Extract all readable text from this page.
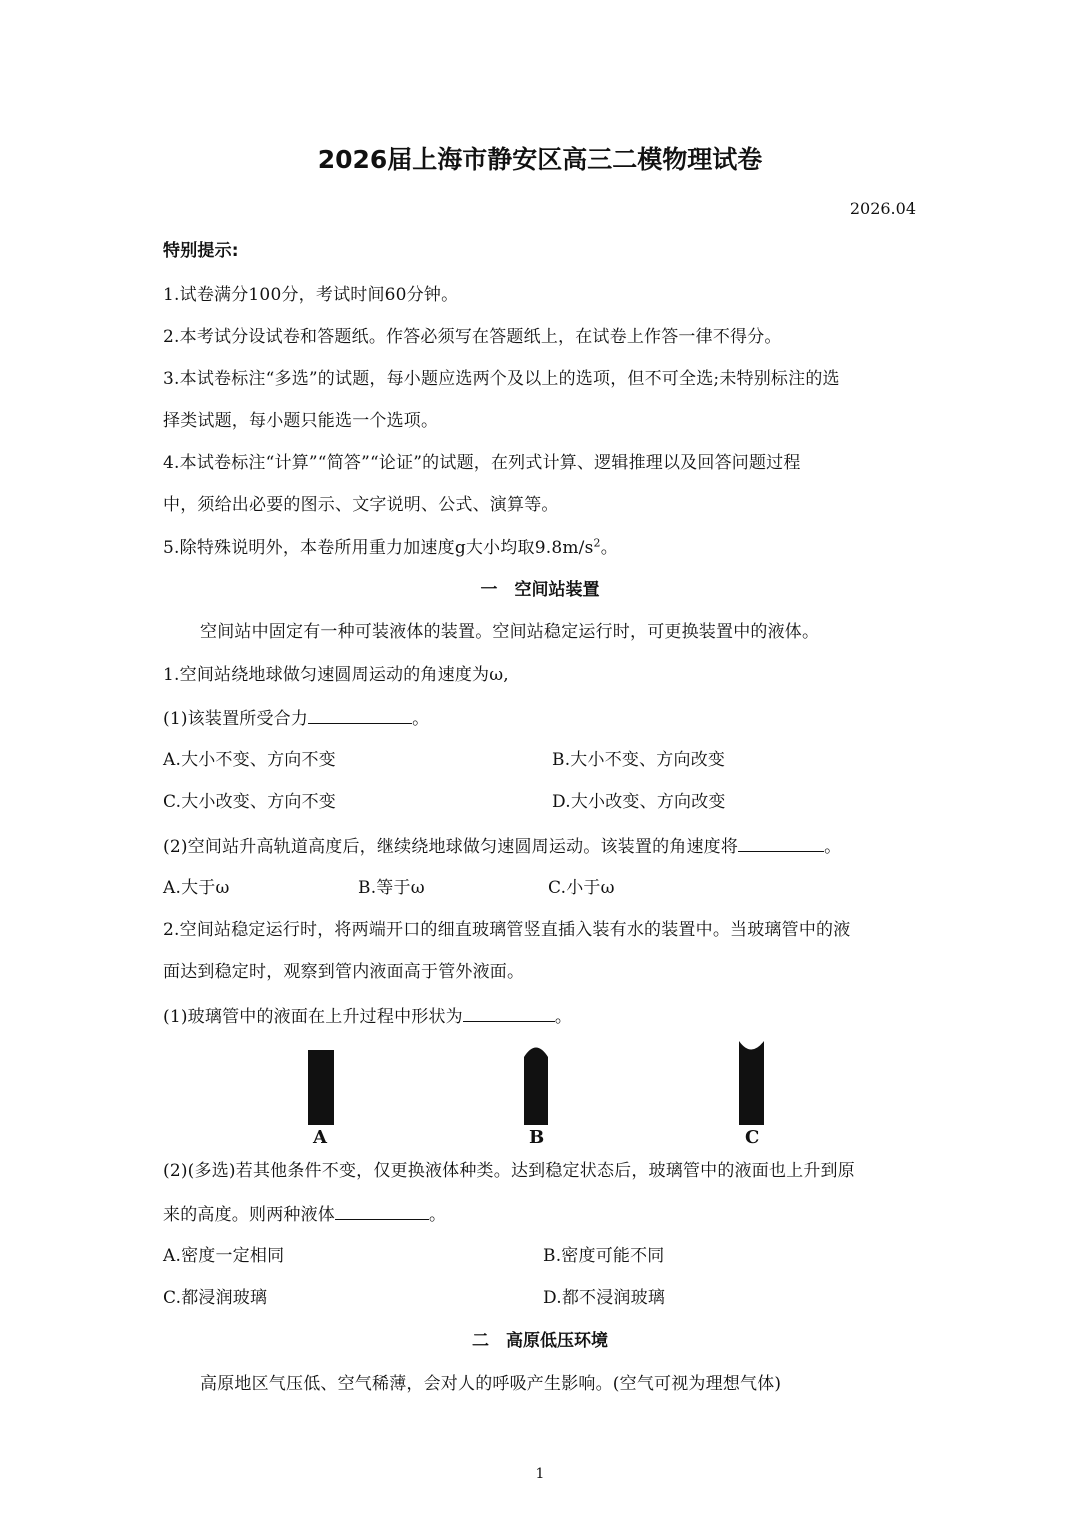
2026届上海市静安区高三二模物理试卷
2026.04
特别提示:
1.试卷满分100分，考试时间60分钟。
2.本考试分设试卷和答题纸。作答必须写在答题纸上，在试卷上作答一律不得分。
3.本试卷标注“多选”的试题，每小题应选两个及以上的选项，但不可全选;未特别标注的选
择类试题，每小题只能选一个选项。
4.本试卷标注“计算”“简答”“论证”的试题，在列式计算、逻辑推理以及回答问题过程
中，须给出必要的图示、文字说明、公式、演算等。
5.除特殊说明外，本卷所用重力加速度g大小均取$9.8m/s^2$。
一　空间站装置
空间站中固定有一种可装液体的装置。空间站稳定运行时，可更换装置中的液体。
1.空间站绕地球做匀速圆周运动的角速度为ω,
(1)该装置所受合力	。
A.大小不变、方向不变	B.大小不变、方向改变
C.大小改变、方向不变	D.大小改变、方向改变
(2)空间站升高轨道高度后，继续绕地球做匀速圆周运动。该装置的角速度将	。
A.大于ω	B.等于ω	C.小于ω
2.空间站稳定运行时，将两端开口的细直玻璃管竖直插入装有水的装置中。当玻璃管中的液
面达到稳定时，观察到管内液面高于管外液面。
(1)玻璃管中的液面在上升过程中形状为	。
A	B	C
(2)(多选)若其他条件不变，仅更换液体种类。达到稳定状态后，玻璃管中的液面也上升到原
来的高度。则两种液体	。
A.密度一定相同	B.密度可能不同
C.都浸润玻璃	D.都不浸润玻璃
二　高原低压环境
高原地区气压低、空气稀薄，会对人的呼吸产生影响。(空气可视为理想气体)
1
